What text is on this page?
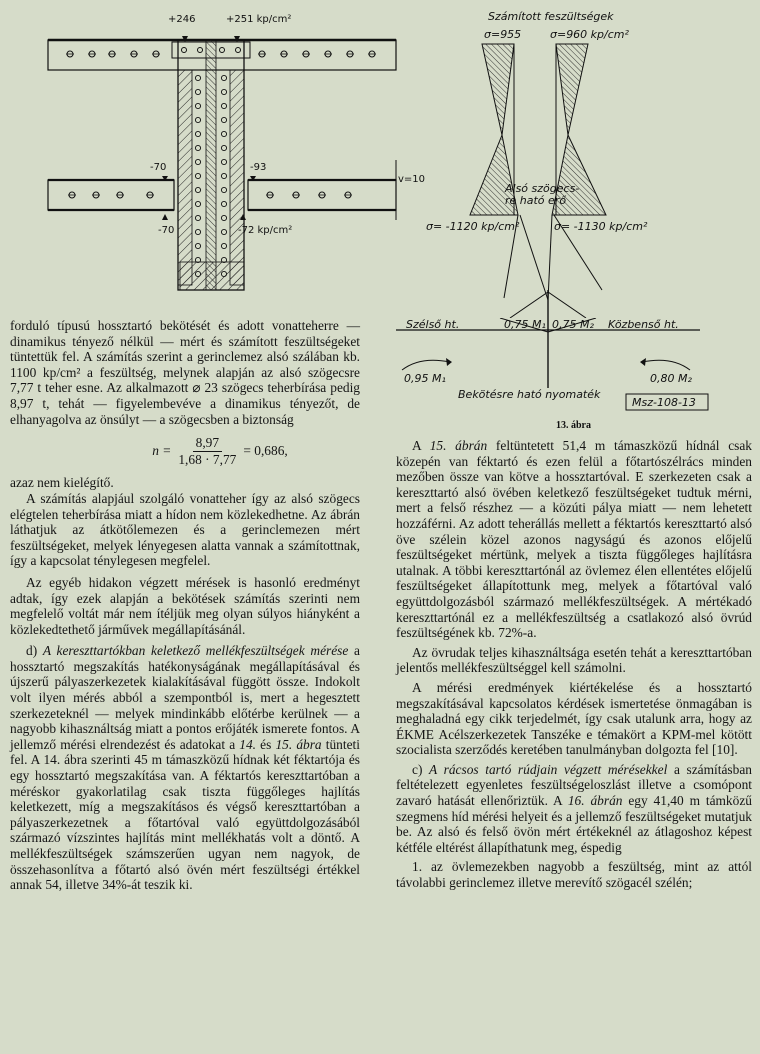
+246	+251 kp/cm²
-70	-93
v=10
-70	-72 kp/cm²
Számított feszültségek
σ=955	σ=960 kp/cm²
Alsó szögecs-
re ható erő
σ= -1120 kp/cm²	σ= -1130 kp/cm²
Szélső ht.	0,75 M₁ 0,75 M₂ Közbenső ht.
0,95 M₁	0,80 M₂
Bekötésre ható nyomaték
13. ábra
Msz-108-13

forduló típusú hossztartó bekötését és adott vonatteherre — dinamikus tényező nélkül — mért és számított feszültségeket tüntettük fel. A számítás szerint a gerinclemez alsó szálában kb. 1100 kp/cm² a feszültség, melynek alapján az alsó szögecsre 7,77 t teher esne. Az alkalmazott ⌀ 23 szögecs teherbírása pedig 8,97 t, tehát — figyelembevéve a dinamikus tényezőt, de elhanyagolva az önsúlyt — a szögecsben a biztonság

$n = \frac{8,97}{1,68 \cdot 7,77} = 0,686$,

azaz nem kielégítő.

A számítás alapjául szolgáló vonatteher így az alsó szögecs elégtelen teherbírása miatt a hídon nem közlekedhetne. Az ábrán láthatjuk az átkötőlemezen és a gerinclemezen mért feszültségeket, melyek lényegesen alatta vannak a számítottnak, így a kapcsolat ténylegesen megfelel.

Az egyéb hidakon végzett mérések is hasonló eredményt adtak, így ezek alapján a bekötések számítás szerinti nem megfelelő voltát már nem ítéljük meg olyan súlyos hiányként a közlekedtethető járművek megállapításánál.

d) A kereszttartókban keletkező mellékfeszültségek mérése a hossztartó megszakítás hatékonyságának megállapításával és újszerű pályaszerkezetek kialakításával függött össze. Indokolt volt ilyen mérés abból a szempontból is, mert a hegesztett szerkezeteknél — melyek mindinkább előtérbe kerülnek — a nagyobb kihasználtság miatt a pontos erőjáték ismerete fontos. A jellemző mérési elrendezést és adatokat a 14. és 15. ábra tünteti fel. A 14. ábra szerinti 45 m támaszközű hídnak két féktartója és egy hossztartó megszakítása van. A féktartós kereszttartóban a méréskor gyakorlatilag csak tiszta függőleges hajlítás keletkezett, míg a megszakításos és végső kereszttartóban a pályaszerkezetnek a főtartóval való együttdolgozásából származó vízszintes hajlítás mint mellékhatás volt a döntő. A mellékfeszültségek számszerűen ugyan nem nagyok, de összehasonlítva a főtartó alsó övén mért feszültségi értékkel annak 54, illetve 34%-át teszik ki.

A 15. ábrán feltüntetett 51,4 m támaszközű hídnál csak közepén van féktartó és ezen felül a főtartószélrács minden mezőben össze van kötve a hossztartóval. E szerkezeten csak a kereszttartó alsó övében keletkező feszültségeket tudtuk mérni, mert a felső részhez — a közúti pálya miatt — nem lehetett hozzáférni. Az adott teherállás mellett a féktartós kereszttartó alsó öve szélein közel azonos nagyságú és azonos előjelű feszültségeket mértünk, melyek a tiszta függőleges hajlításra utalnak. A többi kereszttartónál az övlemez élen ellentétes előjelű feszültségeket állapítottunk meg, melyek a főtartóval való együttdolgozásból származó mellékfeszültségek. A mértékadó kereszttartónál ez a mellékfeszültség a csatlakozó alsó övrúd feszültségének kb. 72%-a.

Az övrudak teljes kihasználtsága esetén tehát a kereszttartóban jelentős mellékfeszültséggel kell számolni.

A mérési eredmények kiértékelése és a hossztartó megszakításával kapcsolatos kérdések ismertetése önmagában is meghaladná egy cikk terjedelmét, így csak utalunk arra, hogy az ÉKME Acélszerkezetek Tanszéke e témakört a KPM-mel kötött szocialista szerződés keretében tanulmányban dolgozta fel [10].

c) A rácsos tartó rúdjain végzett mérésekkel a számításban feltételezett egyenletes feszültségeloszlást illetve a csomópont zavaró hatását ellenőriztük. A 16. ábrán egy 41,40 m támközű szegmens híd mérési helyeit és a jellemző feszültségeket mutatjuk be. Az alsó és felső övön mért értékeknél az átlagoshoz képest kétféle eltérést állapíthatunk meg, éspedig

1. az övlemezekben nagyobb a feszültség, mint az attól távolabbi gerinclemez illetve merevítő szögacél szélén;
